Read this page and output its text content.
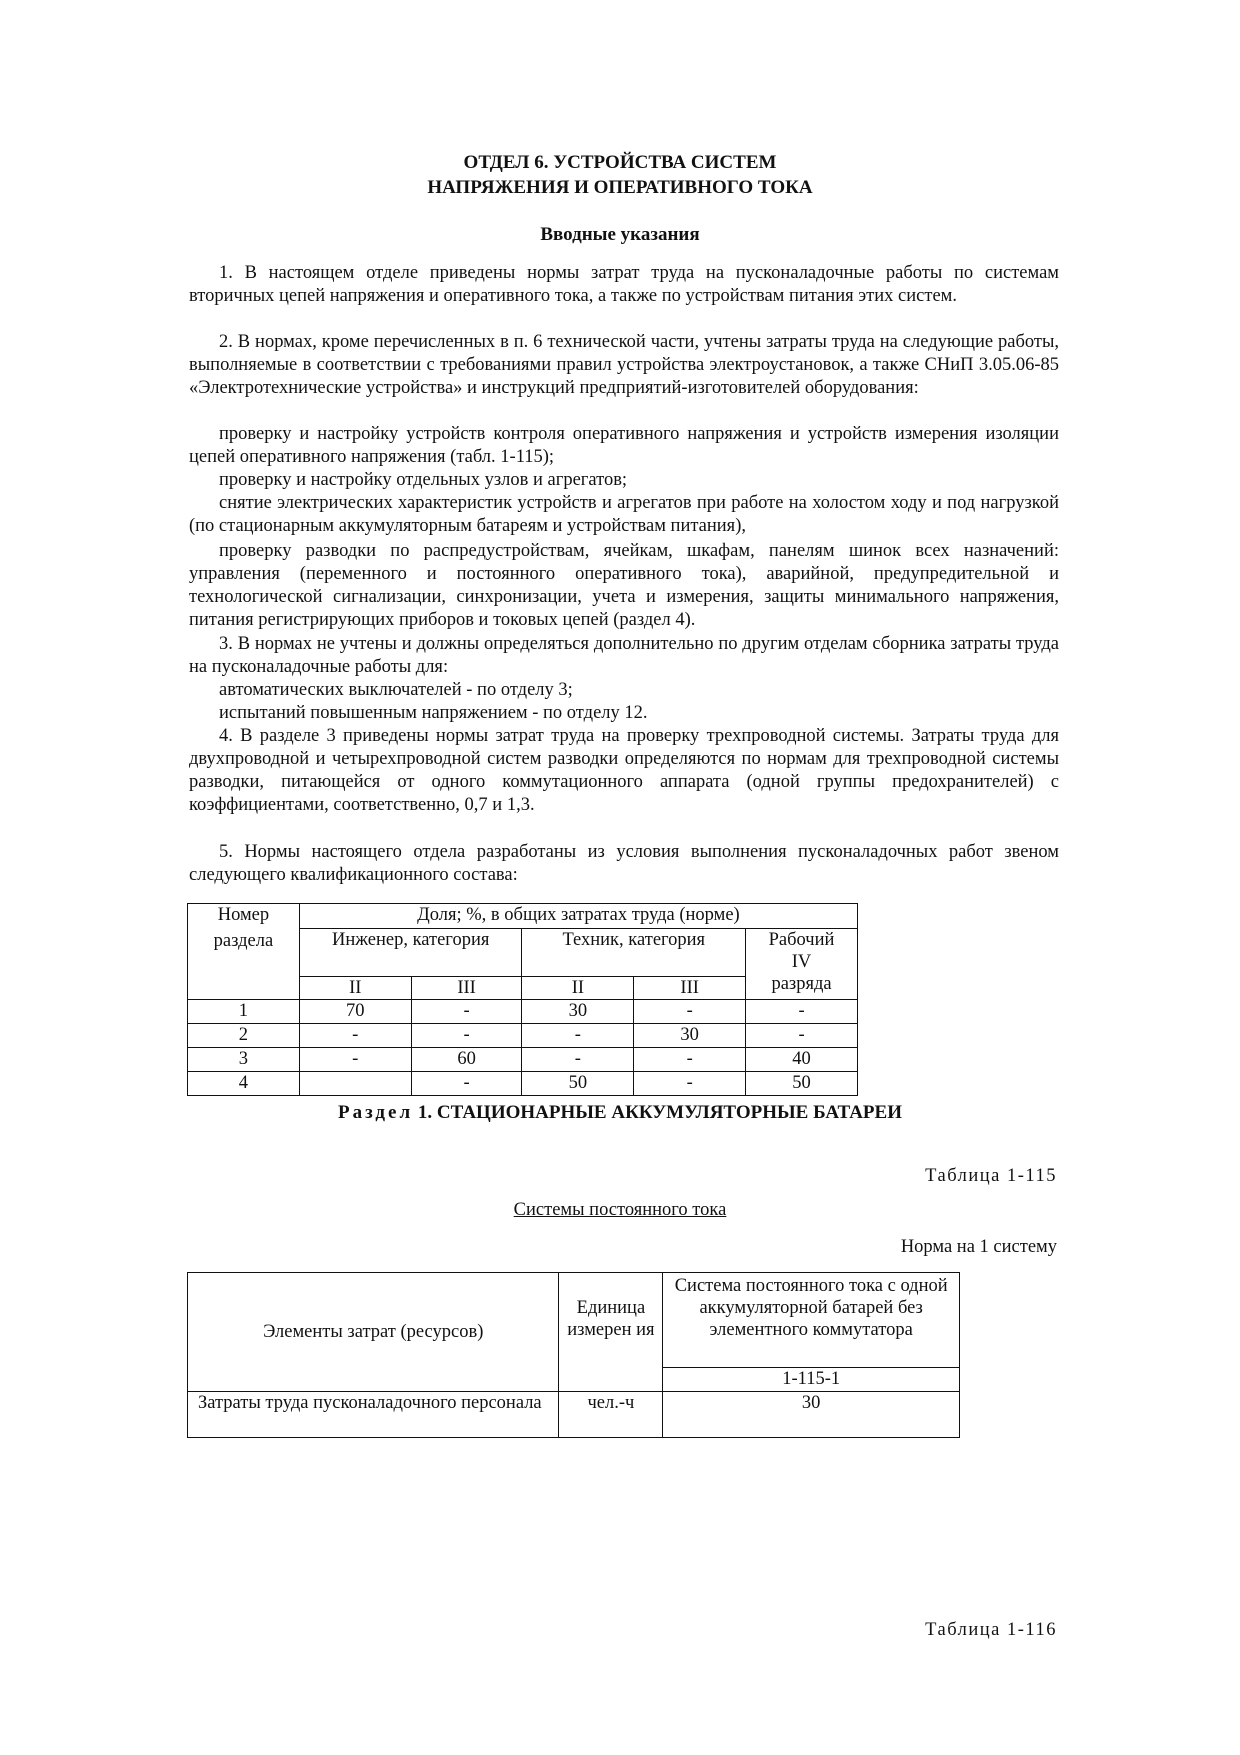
ОТДЕЛ 6. УСТРОЙСТВА СИСТЕМ
НАПРЯЖЕНИЯ И ОПЕРАТИВНОГО ТОКА
Вводные указания
1. В настоящем отделе приведены нормы затрат труда на пусконаладочные работы по системам вторичных цепей напряжения и оперативного тока, а также по устройствам питания этих систем.
2. В нормах, кроме перечисленных в п. 6 технической части, учтены затраты труда на следующие работы, выполняемые в соответствии с требованиями правил устройства электроустановок, а также СНиП 3.05.06-85 «Электротехнические устройства» и инструкций предприятий-изготовителей оборудования:
проверку и настройку устройств контроля оперативного напряжения и устройств измерения изоляции цепей оперативного напряжения (табл. 1-115);
проверку и настройку отдельных узлов и агрегатов;
снятие электрических характеристик устройств и агрегатов при работе на холостом ходу и под нагрузкой (по стационарным аккумуляторным батареям и устройствам питания),
проверку разводки по распредустройствам, ячейкам, шкафам, панелям шинок всех назначений: управления (переменного и постоянного оперативного тока), аварийной, предупредительной и технологической сигнализации, синхронизации, учета и измерения, защиты минимального напряжения, питания регистрирующих приборов и токовых цепей (раздел 4).
3. В нормах не учтены и должны определяться дополнительно по другим отделам сборника затраты труда на пусконаладочные работы для:
автоматических выключателей - по отделу 3;
испытаний повышенным напряжением - по отделу 12.
4. В разделе 3 приведены нормы затрат труда на проверку трехпроводной системы. Затраты труда для двухпроводной и четырехпроводной систем разводки определяются по нормам для трехпроводной системы разводки, питающейся от одного коммутационного аппарата (одной группы предохранителей) с коэффициентами, соответственно, 0,7 и 1,3.
5. Нормы настоящего отдела разработаны из условия выполнения пусконаладочных работ звеном следующего квалификационного состава:
Номер
раздела	Доля; %, в общих затратах труда (норме)				
	Инженер, категория		Техник, категория		Рабочий
IV
разряда

	II	III	II	III	
1	70	-	30	-	-
2	-	-	-	30	-
3	-	60	-	-	40
4		-	50	-	50
Раздел 1. СТАЦИОНАРНЫЕ АККУМУЛЯТОРНЫЕ БАТАРЕИ
Таблица 1-115
Системы постоянного тока
Норма на 1 систему
Элементы затрат (ресурсов)	Единица измерен ия	Система постоянного тока с одной аккумуляторной батарей без элементного коммутатора
		1-115-1
Затраты труда пусконаладочного персонала	чел.-ч	30
Таблица 1-116
